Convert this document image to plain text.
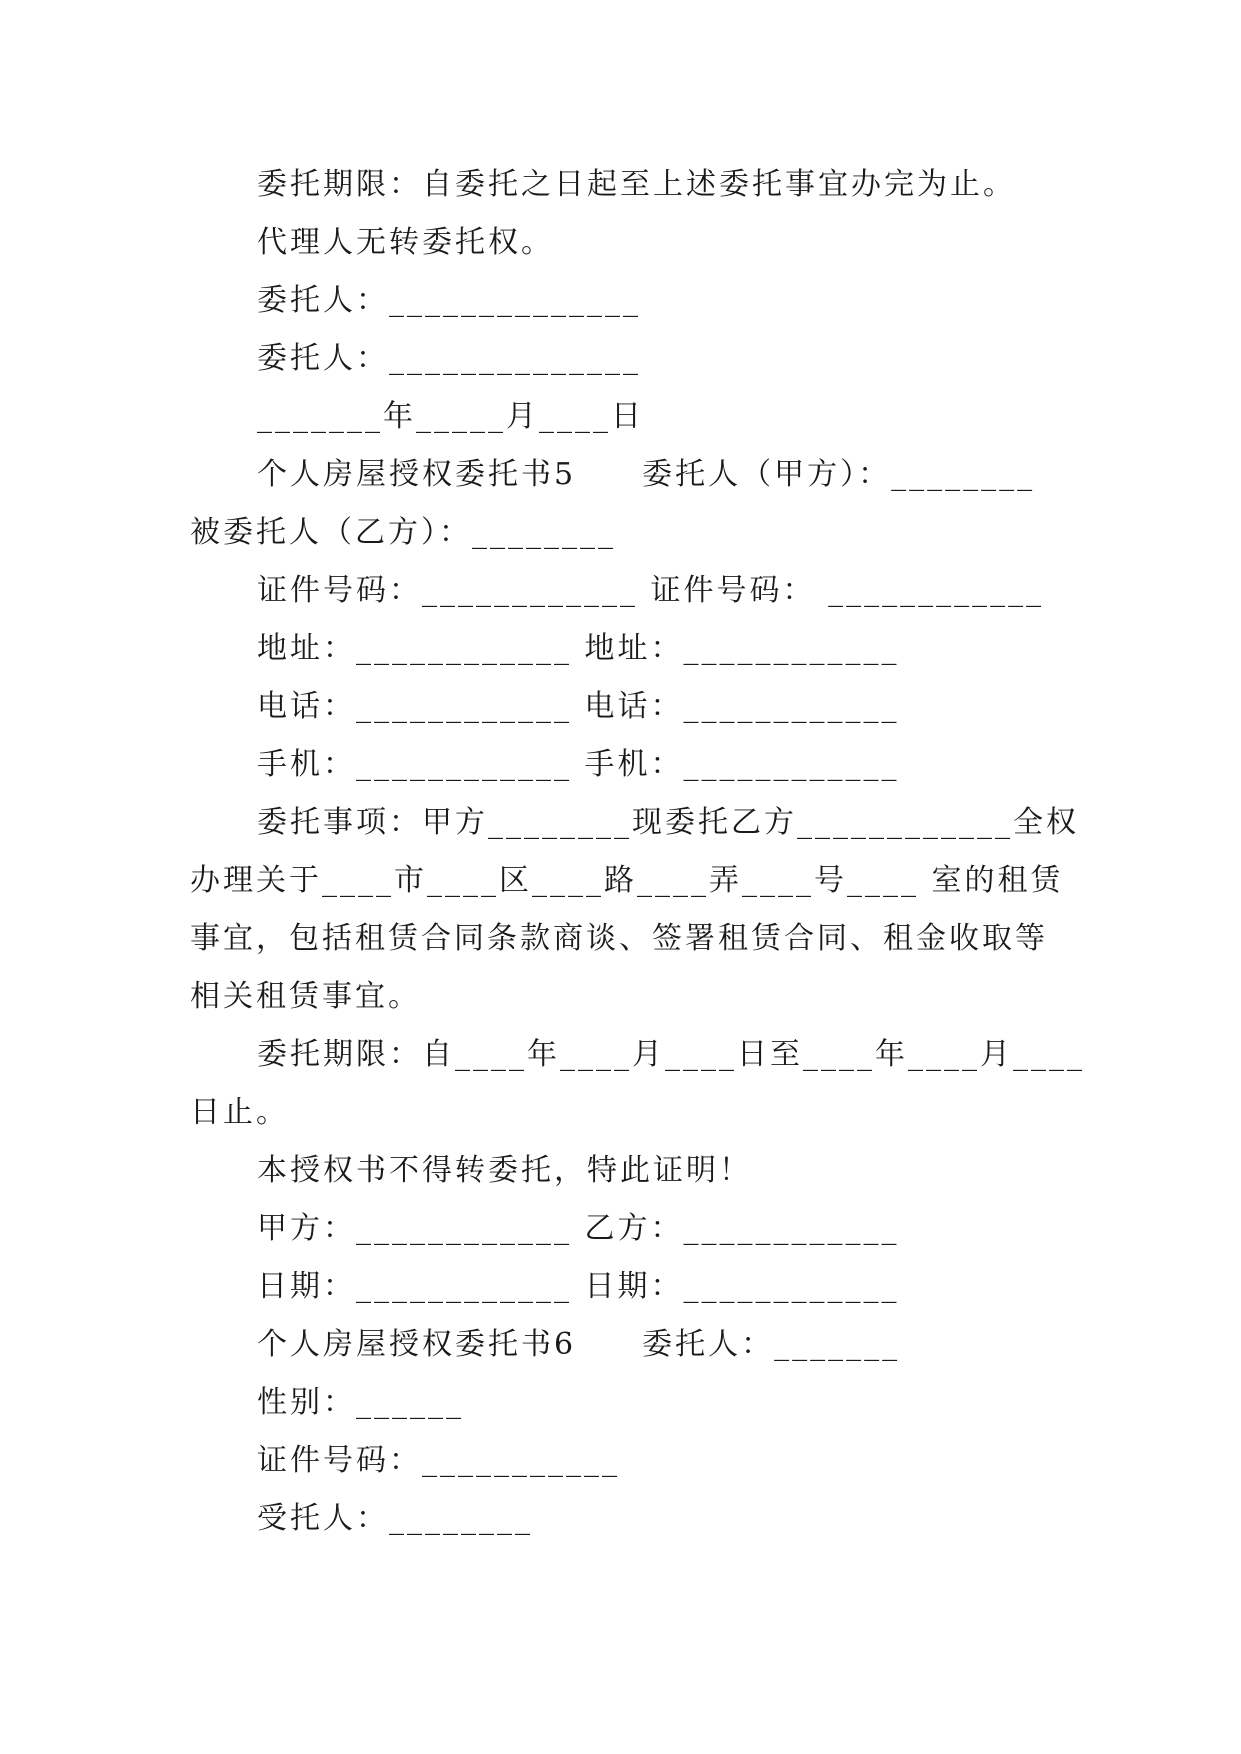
委托期限：自委托之日起至上述委托事宜办完为止。
代理人无转委托权。
委托人：______________
委托人：______________
_______年_____月____日
个人房屋授权委托书5　　委托人（甲方）：________
被委托人（乙方）：________
证件号码：____________ 证件号码： ____________
地址：____________ 地址：____________
电话：____________ 电话：____________
手机：____________ 手机：____________
委托事项：甲方________现委托乙方____________全权
办理关于____市____区____路____弄____号____ 室的租赁
事宜，包括租赁合同条款商谈、签署租赁合同、租金收取等
相关租赁事宜。
委托期限：自____年____月____日至____年____月____
日止。
本授权书不得转委托，特此证明！
甲方：____________ 乙方：____________
日期：____________ 日期：____________
个人房屋授权委托书6　　委托人：_______
性别：______
证件号码：___________
受托人：________
